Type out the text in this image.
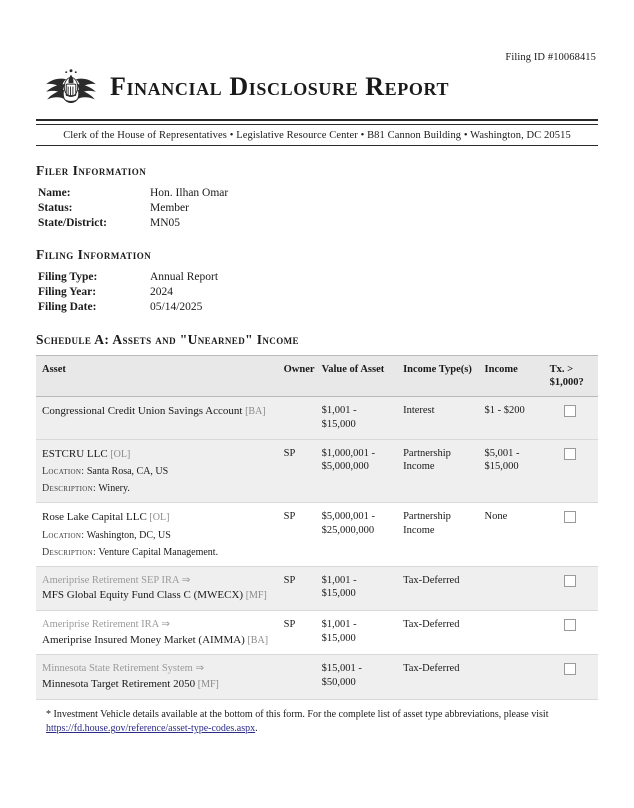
Filing ID #10068415
Financial Disclosure Report
Clerk of the House of Representatives • Legislative Resource Center • B81 Cannon Building • Washington, DC 20515
Filer Information
Name:	Hon. Ilhan Omar
Status:	Member
State/District:	MN05
Filing Information
Filing Type:	Annual Report
Filing Year:	2024
Filing Date:	05/14/2025
Schedule A: Assets and "Unearned" Income
Asset	Owner	Value of Asset	Income Type(s)	Income	Tx. > $1,000?
Congressional Credit Union Savings Account [BA]		$1,001 - $15,000	Interest	$1 - $200	
ESTCRU LLC [OL]
Location: Santa Rosa, CA, US
Description: Winery.	SP	$1,000,001 - $5,000,000	Partnership Income	$5,001 - $15,000	
Rose Lake Capital LLC [OL]
Location: Washington, DC, US
Description: Venture Capital Management.	SP	$5,000,001 - $25,000,000	Partnership Income	None	

Ameriprise Retirement SEP IRA ⇒
MFS Global Equity Fund Class C (MWECX) [MF]	SP	$1,001 - $15,000	Tax-Deferred		

Ameriprise Retirement IRA ⇒
Ameriprise Insured Money Market (AIMMA) [BA]	SP	$1,001 - $15,000	Tax-Deferred		

Minnesota State Retirement System ⇒
Minnesota Target Retirement 2050 [MF]		$15,001 - $50,000	Tax-Deferred		
* Investment Vehicle details available at the bottom of this form. For the complete list of asset type abbreviations, please visit
https://fd.house.gov/reference/asset-type-codes.aspx.
